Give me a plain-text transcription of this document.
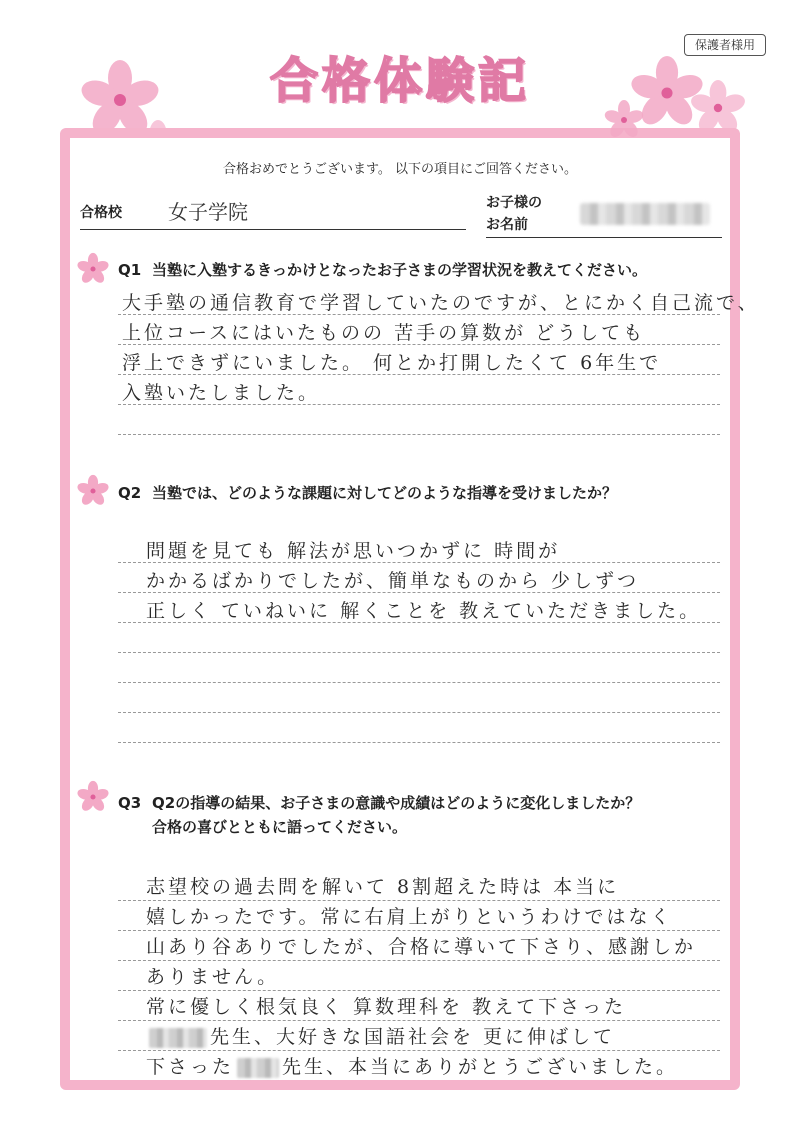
保護者様用
合格体験記
合格おめでとうございます。 以下の項目にご回答ください。
合格校 女子学院	お子様の
お名前
Q1 当塾に入塾するきっかけとなったお子さまの学習状況を教えてください。
大手塾の通信教育で学習していたのですが、とにかく自己流で、
上位コースにはいたものの 苦手の算数が どうしても
浮上できずにいました。 何とか打開したくて 6年生で
入塾いたしました。
Q2 当塾では、どのような課題に対してどのような指導を受けましたか？
問題を見ても 解法が思いつかずに 時間が
かかるばかりでしたが、簡単なものから 少しずつ
正しく ていねいに 解くことを 教えていただきました。
Q3 Q2の指導の結果、お子さまの意識や成績はどのように変化しましたか？
合格の喜びとともに語ってください。
志望校の過去問を解いて 8割超えた時は 本当に
嬉しかったです。常に右肩上がりというわけではなく
山あり谷ありでしたが、合格に導いて下さり、感謝しか
ありません。
常に優しく根気良く 算数理科を 教えて下さった
先生、大好きな国語社会を 更に伸ばして
下さった	先生、本当にありがとうございました。
